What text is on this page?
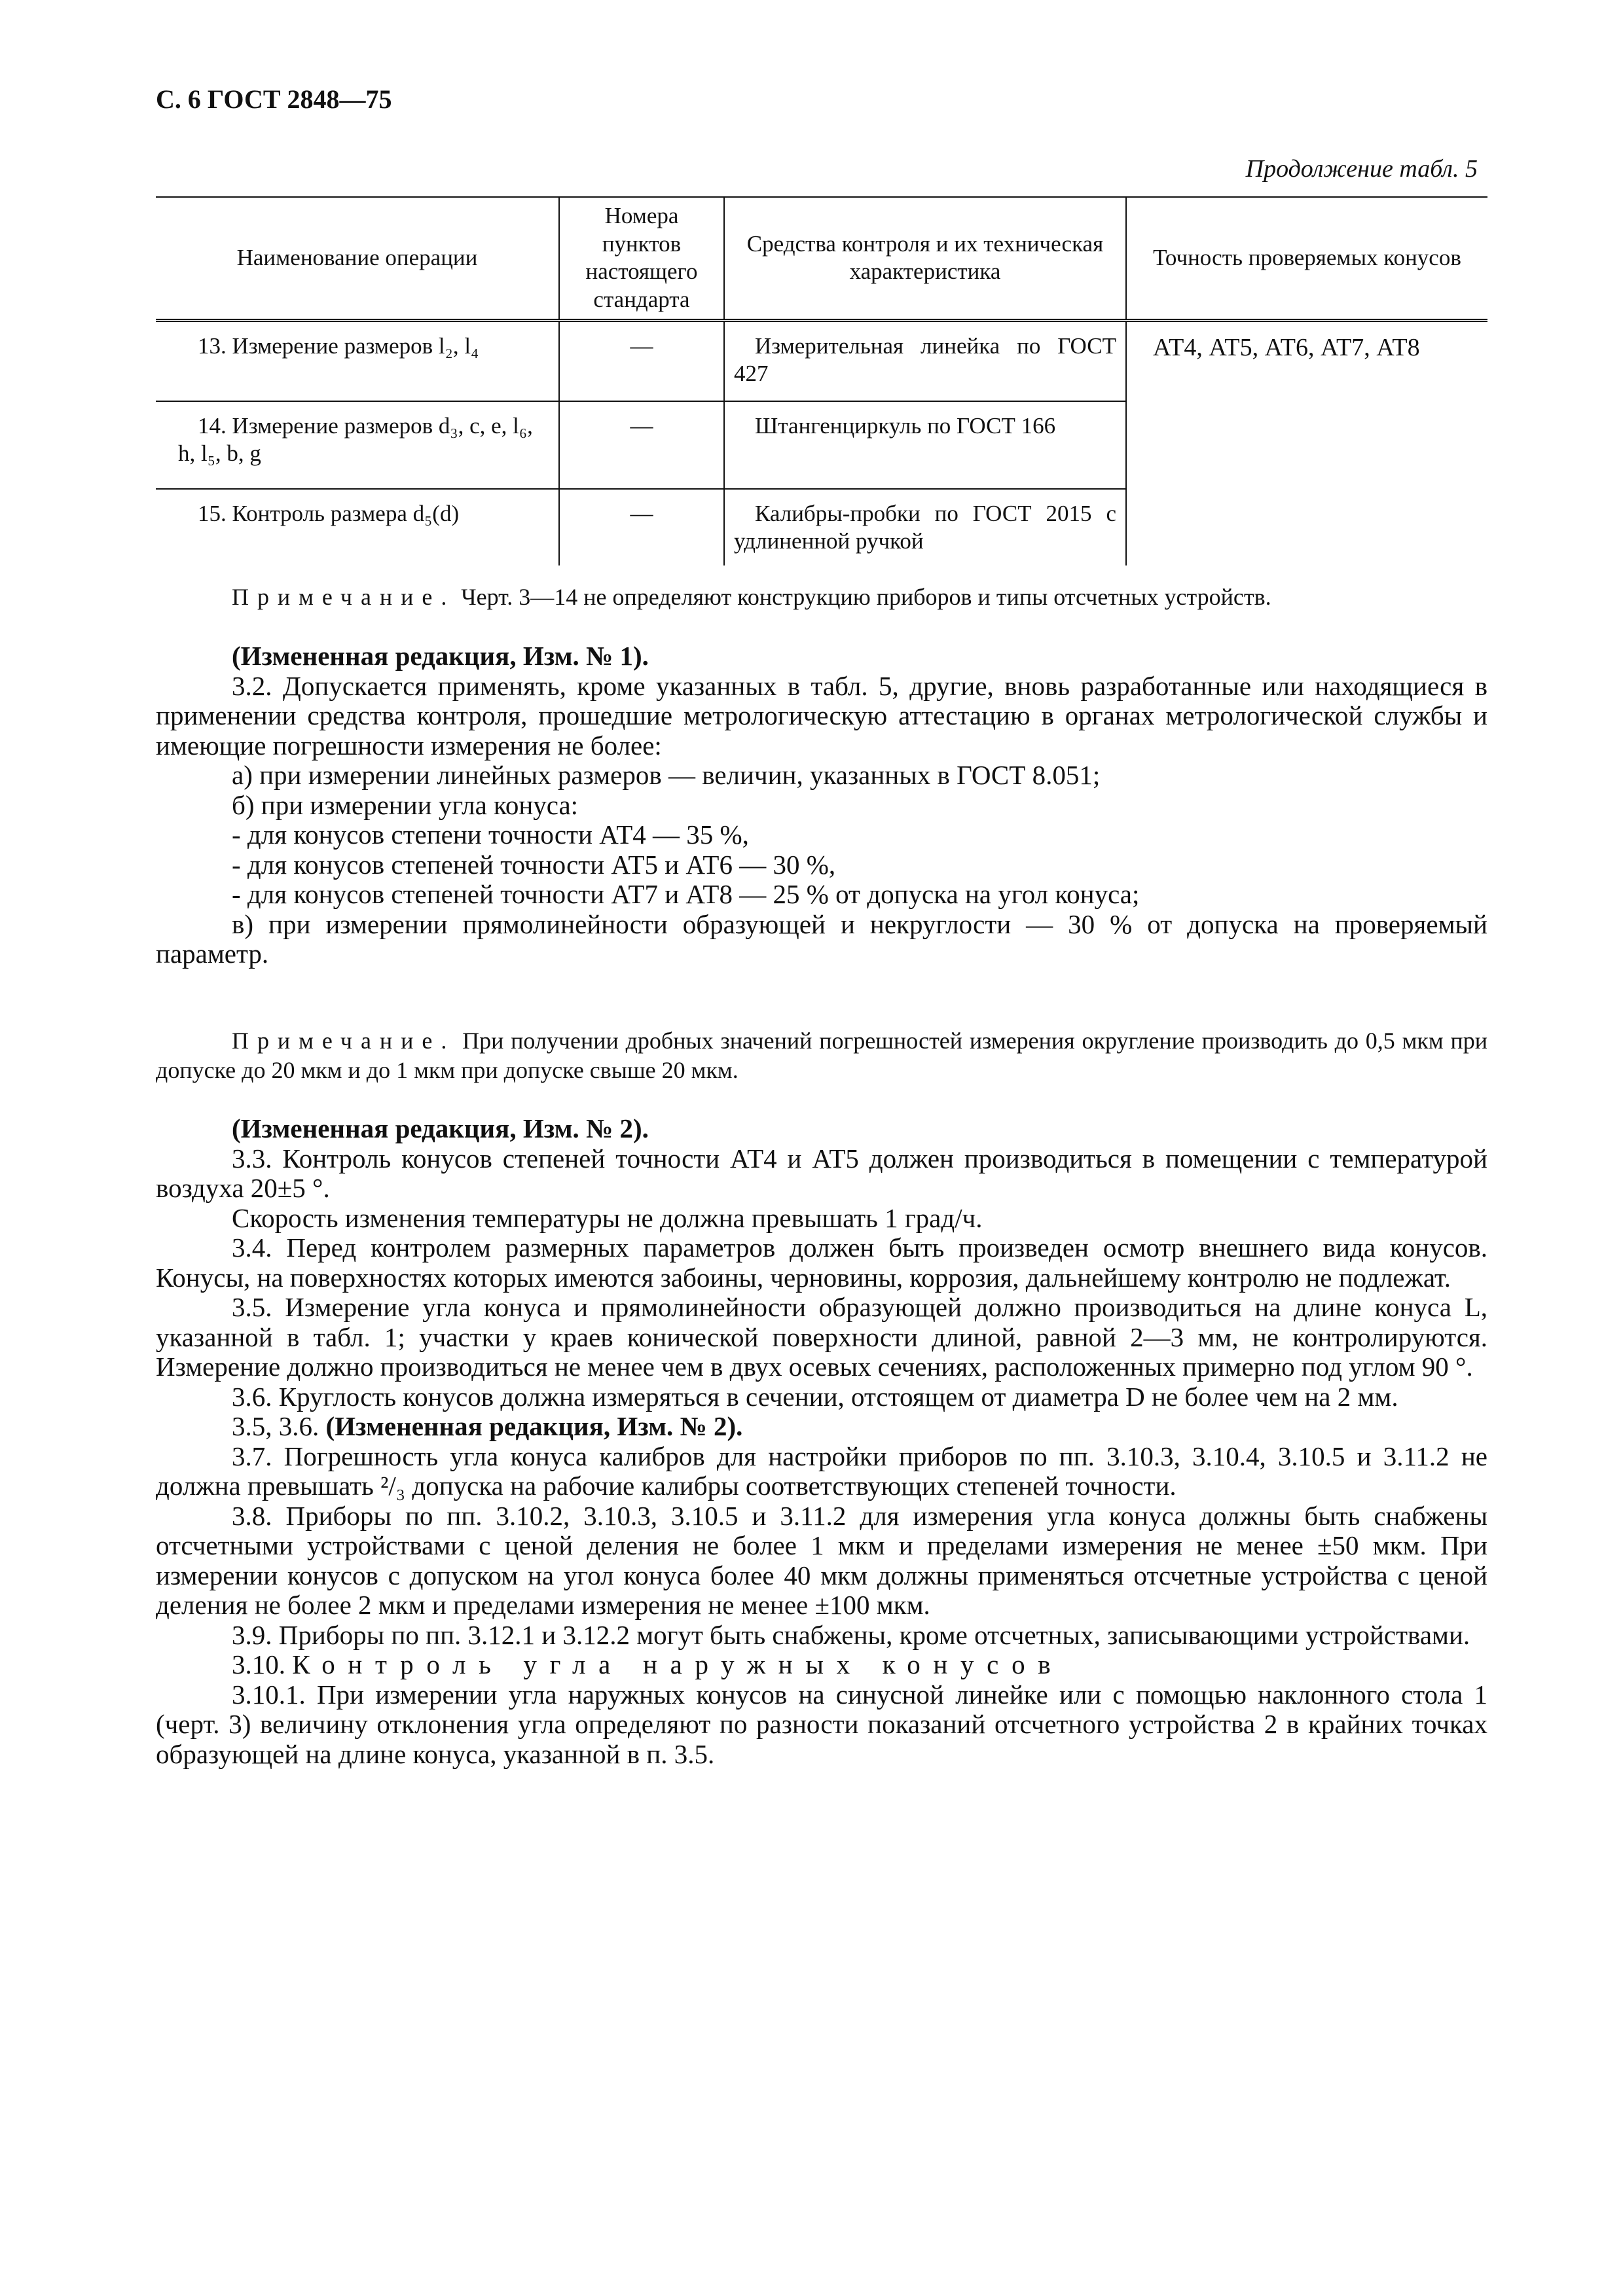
С. 6 ГОСТ 2848—75
Продолжение табл. 5
Наименование операции	Номера пунктов настоящего стандарта	Средства контроля и их техническая характеристика	Точность проверяемых конусов
13. Измерение размеров l₂, l₄	—	Измерительная линейка по ГОСТ 427	АТ4, АТ5, АТ6, АТ7, АТ8
14. Измерение размеров d₃, c, e, l₆, h, l₅, b, g	—	Штангенциркуль по ГОСТ 166	
15. Контроль размера d₅(d)	—	Калибры-пробки по ГОСТ 2015 с удлиненной ручкой	

Примечание. Черт. 3—14 не определяют конструкцию приборов и типы отсчетных устройств.

(Измененная редакция, Изм. № 1).

3.2. Допускается применять, кроме указанных в табл. 5, другие, вновь разработанные или находящиеся в применении средства контроля, прошедшие метрологическую аттестацию в органах метрологической службы и имеющие погрешности измерения не более:

а) при измерении линейных размеров — величин, указанных в ГОСТ 8.051;

б) при измерении угла конуса:

- для конусов степени точности АТ4 — 35 %,

- для конусов степеней точности АТ5 и АТ6 — 30 %,

- для конусов степеней точности АТ7 и АТ8 — 25 % от допуска на угол конуса;

в) при измерении прямолинейности образующей и некруглости — 30 % от допуска на проверяемый параметр.

Примечание. При получении дробных значений погрешностей измерения округление производить до 0,5 мкм при допуске до 20 мкм и до 1 мкм при допуске свыше 20 мкм.

(Измененная редакция, Изм. № 2).

3.3. Контроль конусов степеней точности АТ4 и АТ5 должен производиться в помещении с температурой воздуха 20±5 °.

Скорость изменения температуры не должна превышать 1 град/ч.

3.4. Перед контролем размерных параметров должен быть произведен осмотр внешнего вида конусов. Конусы, на поверхностях которых имеются забоины, черновины, коррозия, дальнейшему контролю не подлежат.

3.5. Измерение угла конуса и прямолинейности образующей должно производиться на длине конуса L, указанной в табл. 1; участки у краев конической поверхности длиной, равной 2—3 мм, не контролируются. Измерение должно производиться не менее чем в двух осевых сечениях, расположенных примерно под углом 90 °.

3.6. Круглость конусов должна измеряться в сечении, отстоящем от диаметра D не более чем на 2 мм.

3.5, 3.6. (Измененная редакция, Изм. № 2).

3.7. Погрешность угла конуса калибров для настройки приборов по пп. 3.10.3, 3.10.4, 3.10.5 и 3.11.2 не должна превышать ²/₃ допуска на рабочие калибры соответствующих степеней точности.

3.8. Приборы по пп. 3.10.2, 3.10.3, 3.10.5 и 3.11.2 для измерения угла конуса должны быть снабжены отсчетными устройствами с ценой деления не более 1 мкм и пределами измерения не менее ±50 мкм. При измерении конусов с допуском на угол конуса более 40 мкм должны применяться отсчетные устройства с ценой деления не более 2 мкм и пределами измерения не менее ±100 мкм.

3.9. Приборы по пп. 3.12.1 и 3.12.2 могут быть снабжены, кроме отсчетных, записывающими устройствами.

3.10. Контроль угла наружных конусов

3.10.1. При измерении угла наружных конусов на синусной линейке или с помощью наклонного стола 1 (черт. 3) величину отклонения угла определяют по разности показаний отсчетного устройства 2 в крайних точках образующей на длине конуса, указанной в п. 3.5.
